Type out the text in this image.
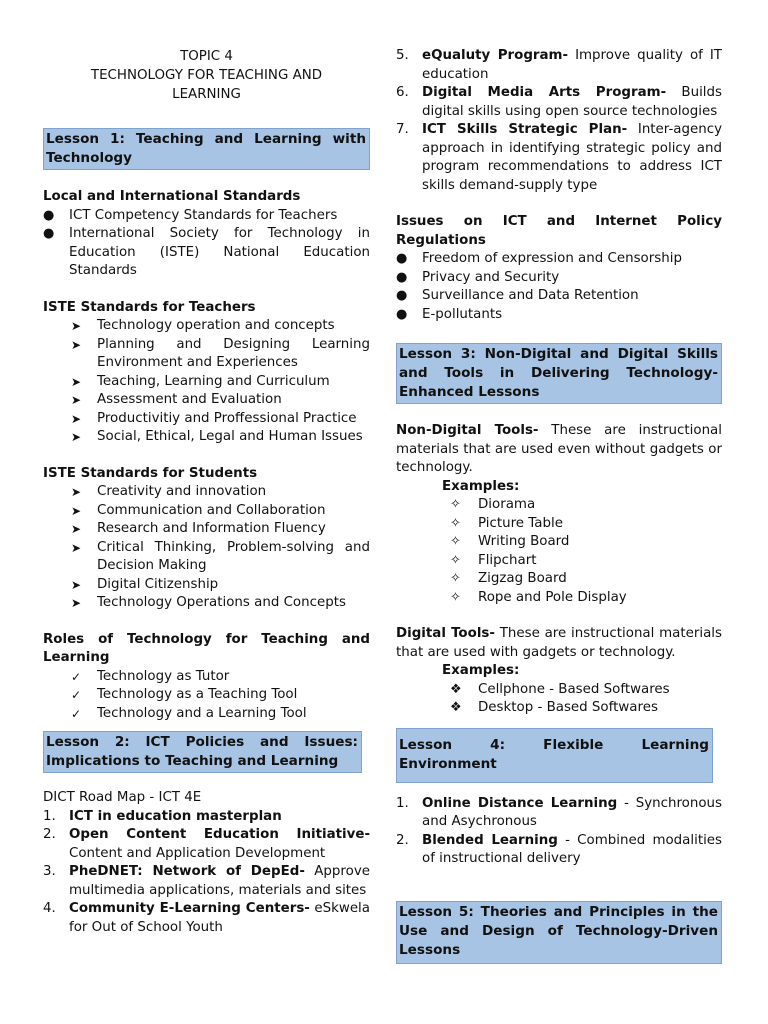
TOPIC 4
TECHNOLOGY FOR TEACHING AND
LEARNING
Lesson 1: Teaching and Learning with Technology
Local and International Standards
● ICT Competency Standards for Teachers
● International Society for Technology in Education (ISTE) National Education Standards
ISTE Standards for Teachers
➤ Technology operation and concepts
➤ Planning and Designing Learning Environment and Experiences
➤ Teaching, Learning and Curriculum
➤ Assessment and Evaluation
➤ Productivitiy and Proffessional Practice
➤ Social, Ethical, Legal and Human Issues
ISTE Standards for Students
➤ Creativity and innovation
➤ Communication and Collaboration
➤ Research and Information Fluency
➤ Critical Thinking, Problem-solving and Decision Making
➤ Digital Citizenship
➤ Technology Operations and Concepts
Roles of Technology for Teaching and Learning
✓ Technology as Tutor
✓ Technology as a Teaching Tool
✓ Technology and a Learning Tool
Lesson 2: ICT Policies and Issues: Implications to Teaching and Learning
DICT Road Map - ICT 4E
1. ICT in education masterplan
2. Open Content Education Initiative- Content and Application Development
3. PheDNET: Network of DepEd- Approve multimedia applications, materials and sites
4. Community E-Learning Centers- eSkwela for Out of School Youth
5. eQualuty Program- Improve quality of IT education
6. Digital Media Arts Program- Builds digital skills using open source technologies
7. ICT Skills Strategic Plan- Inter-agency approach in identifying strategic policy and program recommendations to address ICT skills demand-supply type
Issues on ICT and Internet Policy Regulations
● Freedom of expression and Censorship
● Privacy and Security
● Surveillance and Data Retention
● E-pollutants
Lesson 3: Non-Digital and Digital Skills and Tools in Delivering Technology-Enhanced Lessons
Non-Digital Tools- These are instructional materials that are used even without gadgets or technology.
Examples:
✧ Diorama
✧ Picture Table
✧ Writing Board
✧ Flipchart
✧ Zigzag Board
✧ Rope and Pole Display
Digital Tools- These are instructional materials that are used with gadgets or technology.
Examples:
❖ Cellphone - Based Softwares
❖ Desktop - Based Softwares
Lesson 4: Flexible Learning Environment
1. Online Distance Learning - Synchronous and Asychronous
2. Blended Learning - Combined modalities of instructional delivery
Lesson 5: Theories and Principles in the Use and Design of Technology-Driven Lessons
